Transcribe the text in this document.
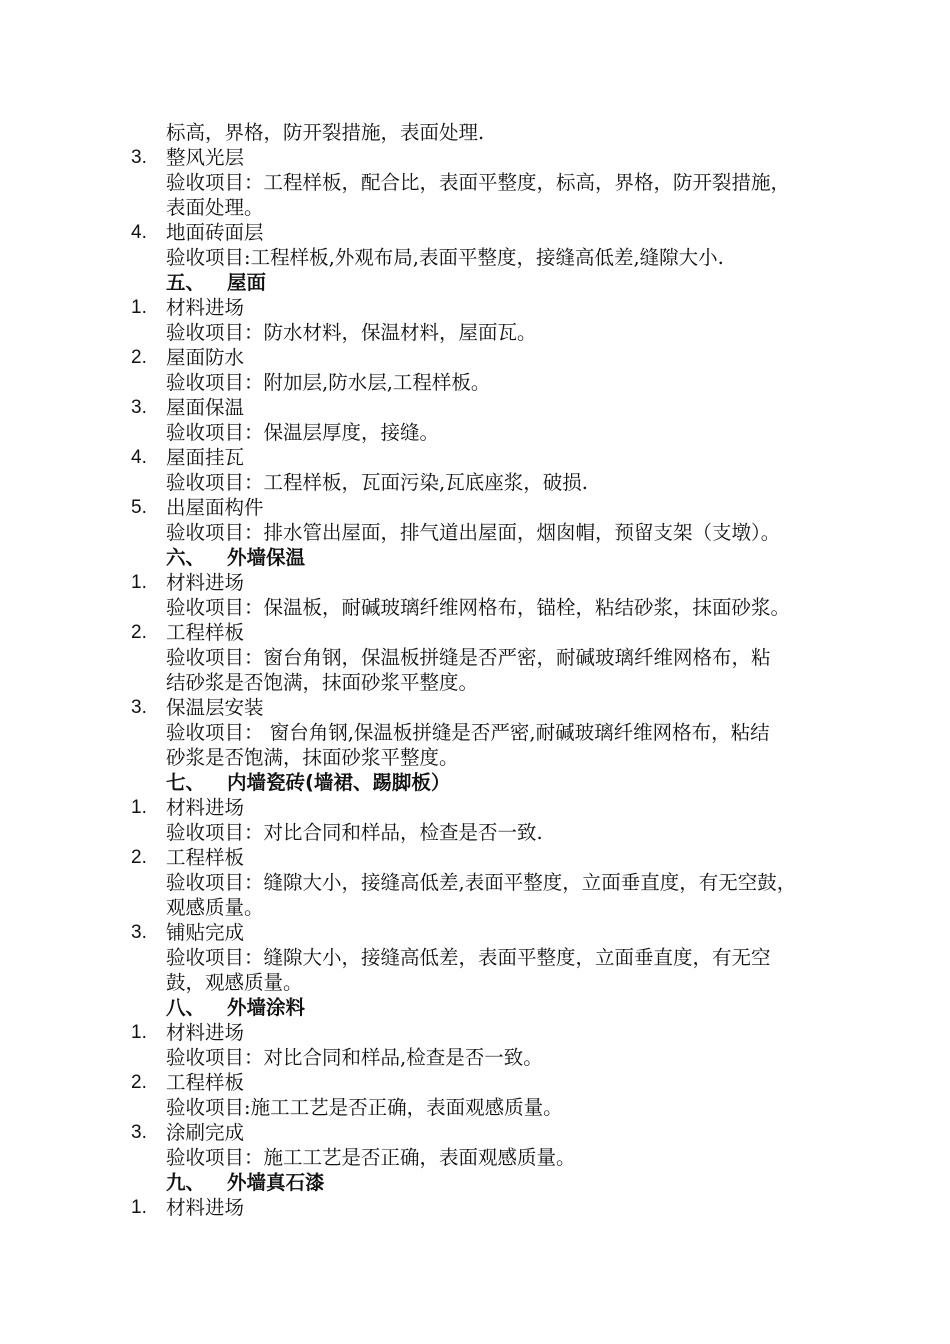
标高，界格，防开裂措施，表面处理.
3. 整风光层
验收项目：工程样板，配合比，表面平整度，标高，界格，防开裂措施，
表面处理。
4. 地面砖面层
验收项目:工程样板,外观布局,表面平整度，接缝高低差,缝隙大小.
五、 屋面
1. 材料进场
验收项目：防水材料，保温材料，屋面瓦。
2. 屋面防水
验收项目：附加层,防水层,工程样板。
3. 屋面保温
验收项目：保温层厚度，接缝。
4. 屋面挂瓦
验收项目：工程样板，瓦面污染,瓦底座浆，破损.
5. 出屋面构件
验收项目：排水管出屋面，排气道出屋面，烟囱帽，预留支架（支墩）。
六、 外墙保温
1. 材料进场
验收项目：保温板，耐碱玻璃纤维网格布，锚栓，粘结砂浆，抹面砂浆。
2. 工程样板
验收项目：窗台角钢，保温板拼缝是否严密，耐碱玻璃纤维网格布，粘
结砂浆是否饱满，抹面砂浆平整度。
3. 保温层安装
验收项目： 窗台角钢,保温板拼缝是否严密,耐碱玻璃纤维网格布，粘结
砂浆是否饱满，抹面砂浆平整度。
七、 内墙瓷砖(墙裙、踢脚板）
1. 材料进场
验收项目：对比合同和样品，检查是否一致.
2. 工程样板
验收项目：缝隙大小，接缝高低差,表面平整度，立面垂直度，有无空鼓，
观感质量。
3. 铺贴完成
验收项目：缝隙大小，接缝高低差，表面平整度，立面垂直度，有无空
鼓，观感质量。
八、 外墙涂料
1. 材料进场
验收项目：对比合同和样品,检查是否一致。
2. 工程样板
验收项目:施工工艺是否正确，表面观感质量。
3. 涂刷完成
验收项目：施工工艺是否正确，表面观感质量。
九、 外墙真石漆
1. 材料进场
